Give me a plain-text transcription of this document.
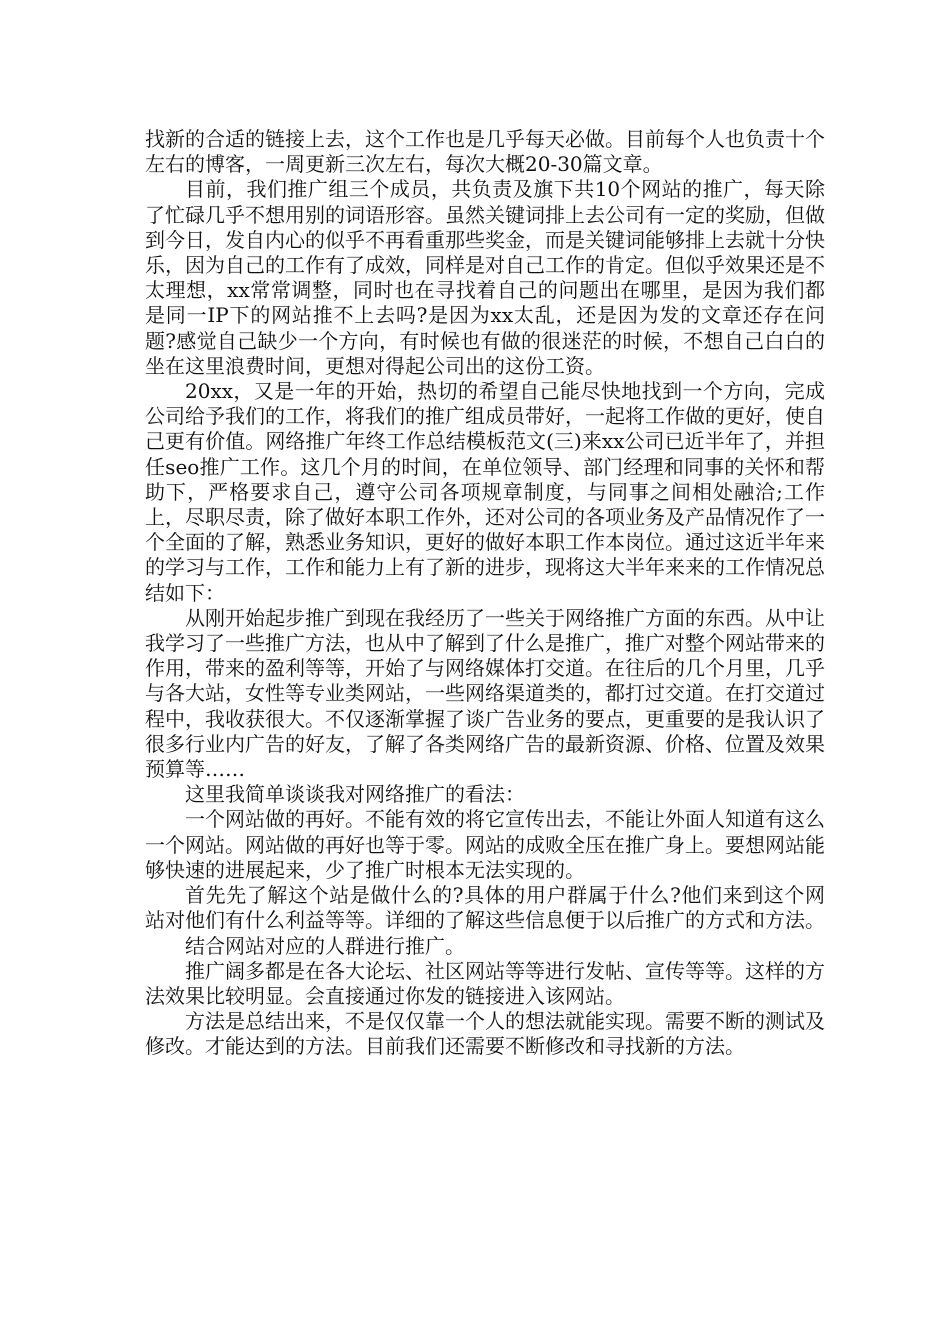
找新的合适的链接上去，这个工作也是几乎每天必做。目前每个人也负责十个左右的博客，一周更新三次左右，每次大概20-30篇文章。

目前，我们推广组三个成员，共负责及旗下共10个网站的推广，每天除了忙碌几乎不想用别的词语形容。虽然关键词排上去公司有一定的奖励，但做到今日，发自内心的似乎不再看重那些奖金，而是关键词能够排上去就十分快乐，因为自己的工作有了成效，同样是对自己工作的肯定。但似乎效果还是不太理想，xx常常调整，同时也在寻找着自己的问题出在哪里，是因为我们都是同一IP下的网站推不上去吗?是因为xx太乱，还是因为发的文章还存在问题?感觉自己缺少一个方向，有时候也有做的很迷茫的时候，不想自己白白的坐在这里浪费时间，更想对得起公司出的这份工资。

20xx，又是一年的开始，热切的希望自己能尽快地找到一个方向，完成公司给予我们的工作，将我们的推广组成员带好，一起将工作做的更好，使自己更有价值。网络推广年终工作总结模板范文(三)来xx公司已近半年了，并担任seo推广工作。这几个月的时间，在单位领导、部门经理和同事的关怀和帮助下，严格要求自己，遵守公司各项规章制度，与同事之间相处融洽;工作上，尽职尽责，除了做好本职工作外，还对公司的各项业务及产品情况作了一个全面的了解，熟悉业务知识，更好的做好本职工作本岗位。通过这近半年来的学习与工作，工作和能力上有了新的进步，现将这大半年来来的工作情况总结如下：

从刚开始起步推广到现在我经历了一些关于网络推广方面的东西。从中让我学习了一些推广方法，也从中了解到了什么是推广，推广对整个网站带来的作用，带来的盈利等等，开始了与网络媒体打交道。在往后的几个月里，几乎与各大站，女性等专业类网站，一些网络渠道类的，都打过交道。在打交道过程中，我收获很大。不仅逐渐掌握了谈广告业务的要点，更重要的是我认识了很多行业内广告的好友，了解了各类网络广告的最新资源、价格、位置及效果预算等……

这里我简单谈谈我对网络推广的看法：

一个网站做的再好。不能有效的将它宣传出去，不能让外面人知道有这么一个网站。网站做的再好也等于零。网站的成败全压在推广身上。要想网站能够快速的进展起来，少了推广时根本无法实现的。

首先先了解这个站是做什么的?具体的用户群属于什么?他们来到这个网站对他们有什么利益等等。详细的了解这些信息便于以后推广的方式和方法。

结合网站对应的人群进行推广。

推广阔多都是在各大论坛、社区网站等等进行发帖、宣传等等。这样的方法效果比较明显。会直接通过你发的链接进入该网站。

方法是总结出来，不是仅仅靠一个人的想法就能实现。需要不断的测试及修改。才能达到的方法。目前我们还需要不断修改和寻找新的方法。
